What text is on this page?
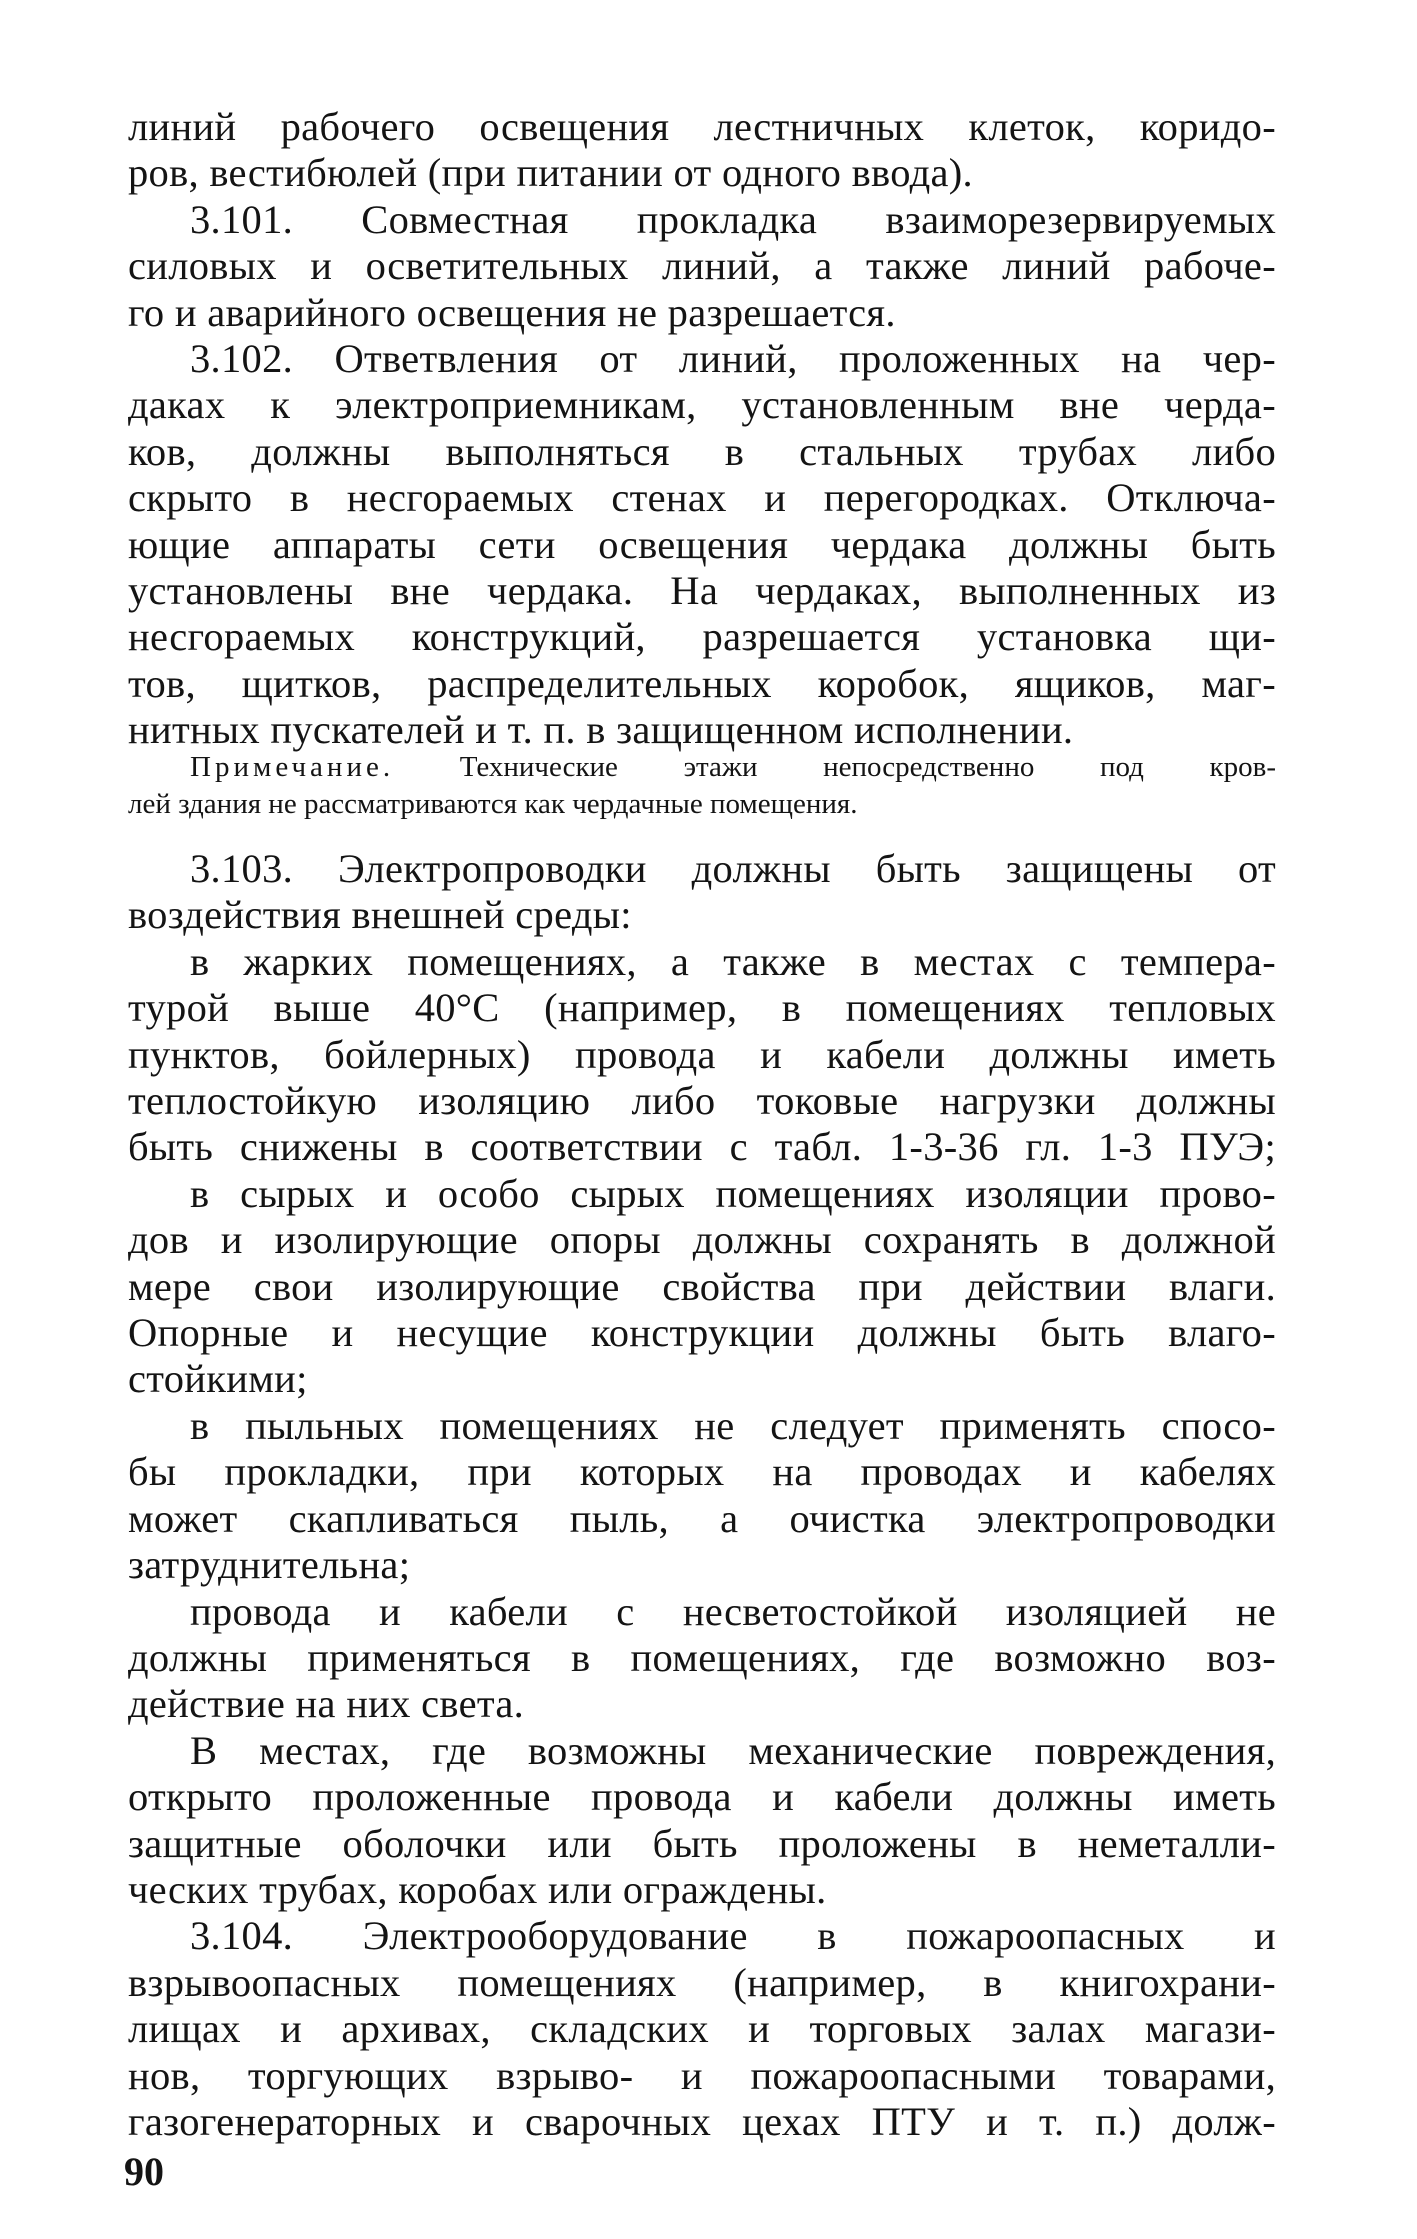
линий рабочего освещения лестничных клеток, коридо-
ров, вестибюлей (при питании от одного ввода).
3.101. Совместная прокладка взаиморезервируемых
силовых и осветительных линий, а также линий рабоче-
го и аварийного освещения не разрешается.
3.102. Ответвления от линий, проложенных на чер-
даках к электроприемникам, установленным вне черда-
ков, должны выполняться в стальных трубах либо
скрыто в несгораемых стенах и перегородках. Отключа-
ющие аппараты сети освещения чердака должны быть
установлены вне чердака. На чердаках, выполненных из
несгораемых конструкций, разрешается установка щи-
тов, щитков, распределительных коробок, ящиков, маг-
нитных пускателей и т. п. в защищенном исполнении.
Примечание. Технические этажи непосредственно под кров-
лей здания не рассматриваются как чердачные помещения.
3.103. Электропроводки должны быть защищены от
воздействия внешней среды:
в жарких помещениях, а также в местах с темпера-
турой выше 40°С (например, в помещениях тепловых
пунктов, бойлерных) провода и кабели должны иметь
теплостойкую изоляцию либо токовые нагрузки должны
быть снижены в соответствии с табл. 1-3-36 гл. 1-3 ПУЭ;
в сырых и особо сырых помещениях изоляции прово-
дов и изолирующие опоры должны сохранять в должной
мере свои изолирующие свойства при действии влаги.
Опорные и несущие конструкции должны быть влаго-
стойкими;
в пыльных помещениях не следует применять спосо-
бы прокладки, при которых на проводах и кабелях
может скапливаться пыль, а очистка электропроводки
затруднительна;
провода и кабели с несветостойкой изоляцией не
должны применяться в помещениях, где возможно воз-
действие на них света.
В местах, где возможны механические повреждения,
открыто проложенные провода и кабели должны иметь
защитные оболочки или быть проложены в неметалли-
ческих трубах, коробах или ограждены.
3.104. Электрооборудование в пожароопасных и
взрывоопасных помещениях (например, в книгохрани-
лищах и архивах, складских и торговых залах магази-
нов, торгующих взрыво- и пожароопасными товарами,
газогенераторных и сварочных цехах ПТУ и т. п.) долж-
90
